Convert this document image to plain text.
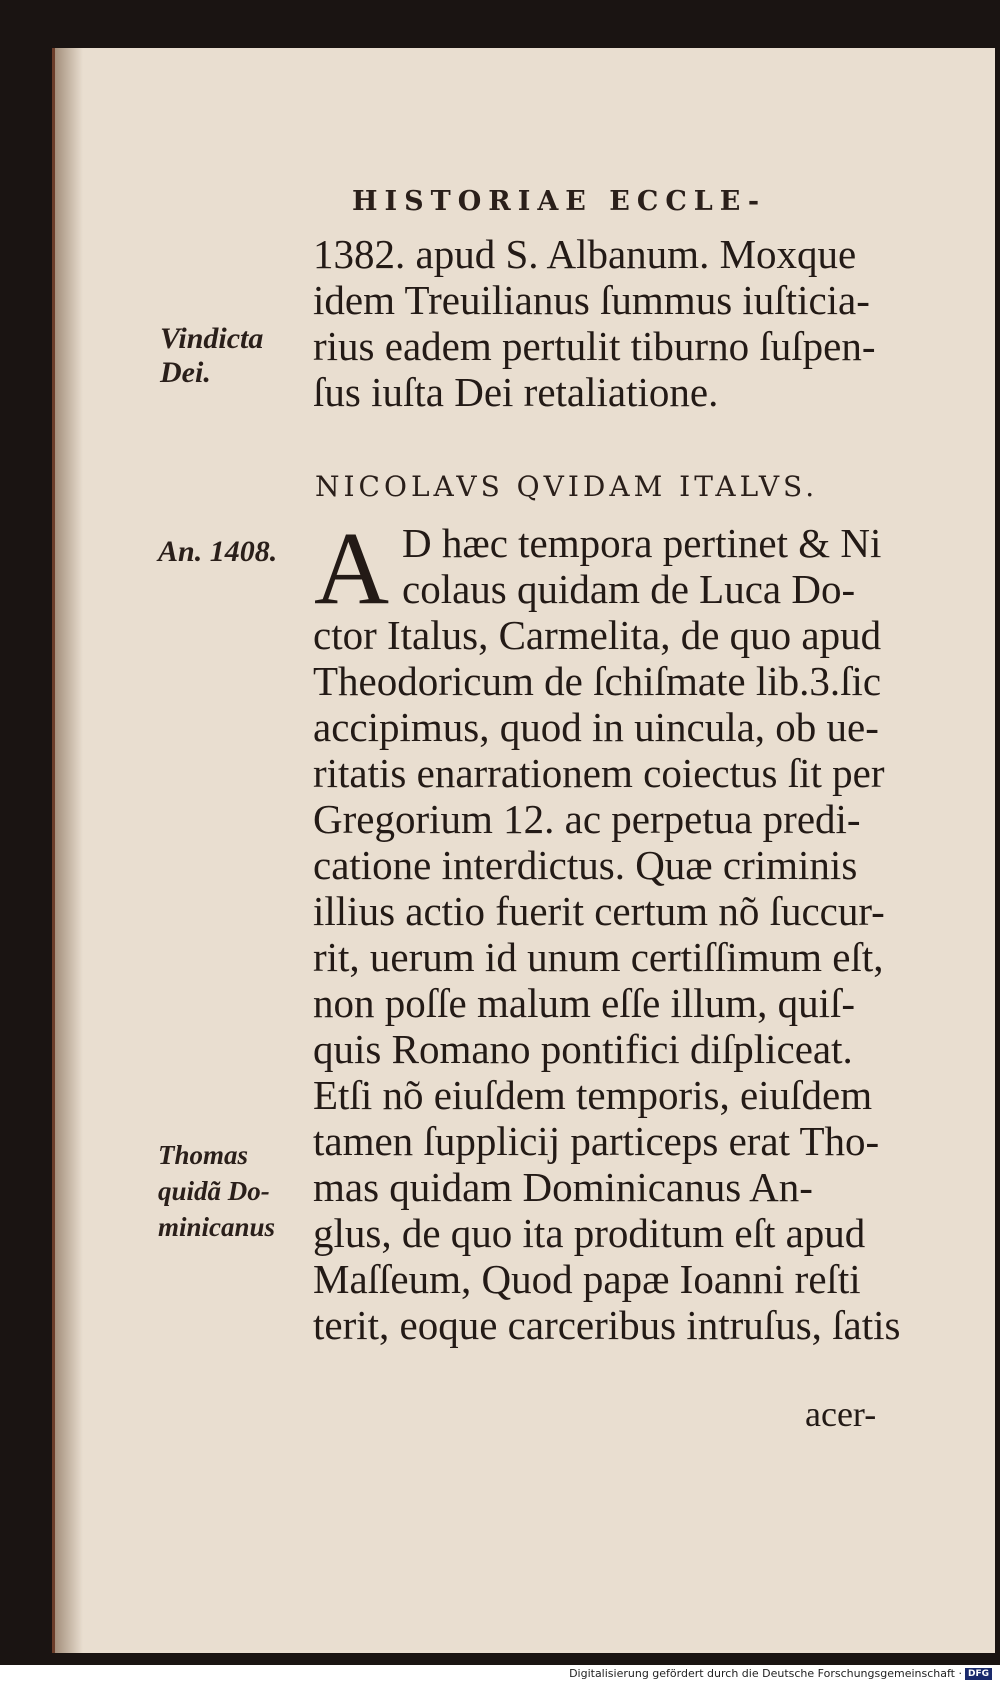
HISTORIAE ECCLE-
1382. apud S. Albanum. Moxque
idem Treuilianus ſummus iuſticia-
rius eadem pertulit tiburno ſuſpen-
ſus iuſta Dei retaliatione.
NICOLAVS QVIDAM ITALVS.
A D hæc tempora pertinet & Ni
colaus quidam de Luca Do-
ctor Italus, Carmelita, de quo apud
Theodoricum de ſchiſmate lib.3.ſic
accipimus, quod in uincula, ob ue-
ritatis enarrationem coiectus ſit per
Gregorium 12. ac perpetua predi-
catione interdictus. Quæ criminis
illius actio fuerit certum nõ ſuccur-
rit, uerum id unum certiſſimum eſt,
non poſſe malum eſſe illum, quiſ-
quis Romano pontifici diſpliceat.
Etſi nõ eiuſdem temporis, eiuſdem
tamen ſupplicij particeps erat Tho-
mas quidam Dominicanus An-
glus, de quo ita proditum eſt apud
Maſſeum, Quod papæ Ioanni reſti
terit, eoque carceribus intruſus, ſatis
acer-
Vindicta
Dei.
An. 1408.
Thomas
quidã Do-
minicanus
Digitalisierung gefördert durch die Deutsche Forschungsgemeinschaft · DFG
